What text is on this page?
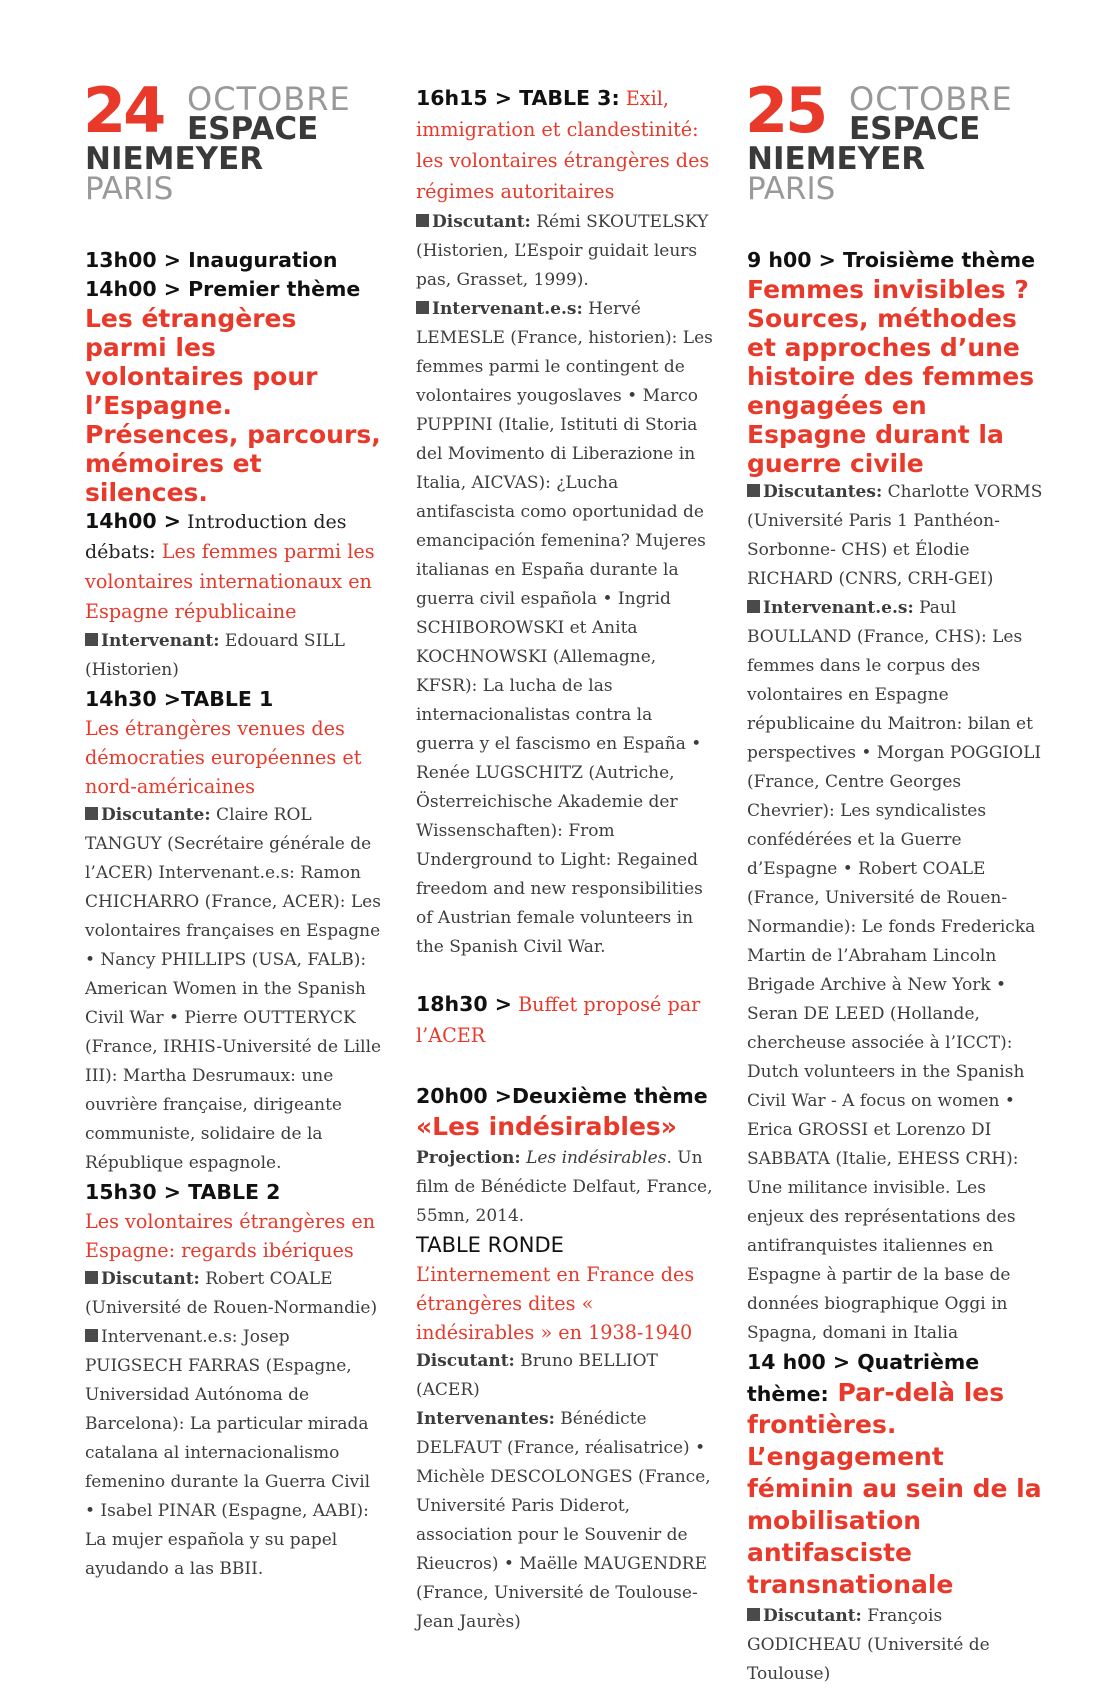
24 OCTOBRE
ESPACE
NIEMEYER
PARIS
13h00 > Inauguration
14h00 > Premier thème
Les étrangères parmi les volontaires pour l’Espagne. Présences, parcours, mémoires et silences.
14h00 > Introduction des débats: Les femmes parmi les volontaires internationaux en Espagne républicaine
Intervenant: Edouard SILL (Historien)
14h30 >TABLE 1
Les étrangères venues des démocraties européennes et nord-américaines
Discutante: Claire ROL TANGUY (Secrétaire générale de l’ACER) Intervenant.e.s: Ramon CHICHARRO (France, ACER): Les volontaires françaises en Espagne • Nancy PHILLIPS (USA, FALB): American Women in the Spanish Civil War • Pierre OUTTERYCK (France, IRHIS-Université de Lille III): Martha Desrumaux: une ouvrière française, dirigeante communiste, solidaire de la République espagnole.
15h30 > TABLE 2
Les volontaires étrangères en Espagne: regards ibériques
Discutant: Robert COALE (Université de Rouen-Normandie)
Intervenant.e.s: Josep PUIGSECH FARRAS (Espagne, Universidad Autónoma de Barcelona): La particular mirada catalana al internacionalismo femenino durante la Guerra Civil • Isabel PINAR (Espagne, AABI): La mujer española y su papel ayudando a las BBII.
16h15 > TABLE 3: Exil, immigration et clandestinité: les volontaires étrangères des régimes autoritaires
Discutant: Rémi SKOUTELSKY (Historien, L’Espoir guidait leurs pas, Grasset, 1999).
Intervenant.e.s: Hervé LEMESLE (France, historien): Les femmes parmi le contingent de volontaires yougoslaves • Marco PUPPINI (Italie, Istituti di Storia del Movimento di Liberazione in Italia, AICVAS): ¿Lucha antifascista como oportunidad de emancipación femenina? Mujeres italianas en España durante la guerra civil española • Ingrid SCHIBOROWSKI et Anita KOCHNOWSKI (Allemagne, KFSR): La lucha de las internacionalistas contra la guerra y el fascismo en España • Renée LUGSCHITZ (Autriche, Österreichische Akademie der Wissenschaften): From Underground to Light: Regained freedom and new responsibilities of Austrian female volunteers in the Spanish Civil War.
18h30 > Buffet proposé par l’ACER
20h00 >Deuxième thème «Les indésirables»
Projection: Les indésirables. Un film de Bénédicte Delfaut, France, 55mn, 2014.
TABLE RONDE
L’internement en France des étrangères dites « indésirables » en 1938-1940
Discutant: Bruno BELLIOT (ACER)
Intervenantes: Bénédicte DELFAUT (France, réalisatrice) • Michèle DESCOLONGES (France, Université Paris Diderot, association pour le Souvenir de Rieucros) • Maëlle MAUGENDRE (France, Université de Toulouse-Jean Jaurès)
25 OCTOBRE
ESPACE
NIEMEYER
PARIS
9 h00 > Troisième thème
Femmes invisibles ? Sources, méthodes et approches d’une histoire des femmes engagées en Espagne durant la guerre civile
Discutantes: Charlotte VORMS (Université Paris 1 Panthéon-Sorbonne- CHS) et Élodie RICHARD (CNRS, CRH-GEI)
Intervenant.e.s: Paul BOULLAND (France, CHS): Les femmes dans le corpus des volontaires en Espagne républicaine du Maitron: bilan et perspectives • Morgan POGGIOLI (France, Centre Georges Chevrier): Les syndicalistes confédérées et la Guerre d’Espagne • Robert COALE (France, Université de Rouen-Normandie): Le fonds Fredericka Martin de l’Abraham Lincoln Brigade Archive à New York • Seran DE LEED (Hollande, chercheuse associée à l’ICCT): Dutch volunteers in the Spanish Civil War - A focus on women • Erica GROSSI et Lorenzo DI SABBATA (Italie, EHESS CRH): Une militance invisible. Les enjeux des représentations des antifranquistes italiennes en Espagne à partir de la base de données biographique Oggi in Spagna, domani in Italia
14 h00 > Quatrième thème: Par-delà les frontières. L’engagement féminin au sein de la mobilisation antifasciste transnationale
Discutant: François GODICHEAU (Université de Toulouse)
